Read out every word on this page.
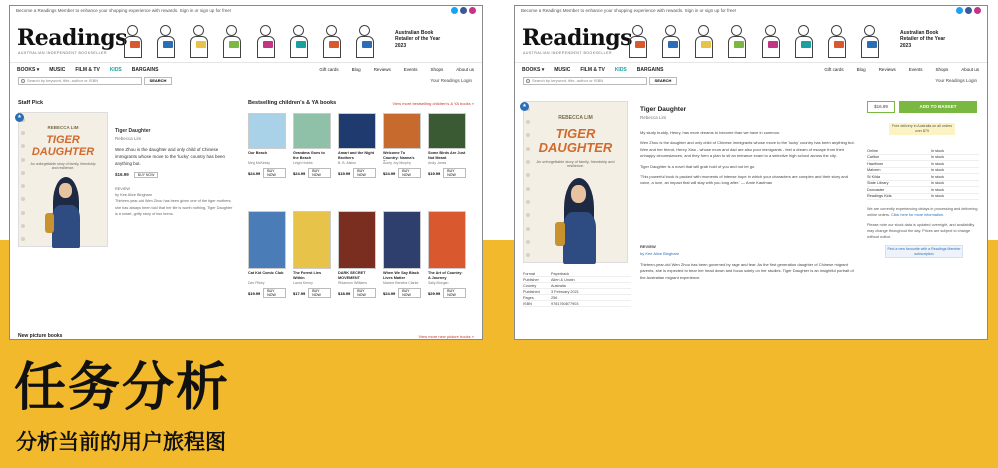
Become a Readings Member to enhance your shopping experience with rewards. Sign in or sign up for free!
Readings
AUSTRALIAN INDEPENDENT BOOKSELLER
Australian Book
Retailer of the Year
2023
BOOKS ▾ MUSIC FILM & TV KIDS BARGAINS	Gift cards	Blog	Reviews	Events	Shops	About us
Search by keyword, title, author or ISBN	SEARCH	Your Readings Login
Staff Pick
REBECCA LIM
TIGER
DAUGHTER
An unforgettable story of family, friendship and resilience.
★
Tiger Daughter
Rebecca Lim
Wen Zhou is the daughter and only child of Chinese immigrants whose move to the 'lucky' country has been anything but.
$16.99	BUY NOW
REVIEW
by Kee Alice Bingham
Thirteen-year-old Wen Zhou has been given one of the tiger mothers; she has always been told that her life is worth nothing, Tiger Daughter is a smart, gritty story of two teens.
Bestselling children's & YA books	View more bestselling children's & YA books »
Our Beach
Meg McKinlay
$24.99	BUY NOW
Grandma Goes to the Beach
Leigh Hobbs
$24.99	BUY NOW
Amari and the Night Brothers
B. B. Alston
$19.99	BUY NOW
Welcome To Country: Nanna's
Aunty Joy Murphy
$24.99	BUY NOW
Some Birds Are Just Not Meant
Andy Jones
$19.99	BUY NOW
Cat Kid Comic Club
Dav Pilkey
$19.99	BUY NOW
The Forest Lies Within
Laura Kenny
$17.99	BUY NOW
DARK SECRET MOVEMENT
Rhiannon Williams
$18.99	BUY NOW
When We Say Black Lives Matter
Maxine Beneba Clarke
$24.99	BUY NOW
The Art of Country: A Journey
Sally Morgan
$29.99	BUY NOW
New picture books	View more new picture books »
Become a Readings Member to enhance your shopping experience with rewards. Sign in or sign up for free!
Readings
AUSTRALIAN INDEPENDENT BOOKSELLER
Australian Book
Retailer of the Year
2023
BOOKS ▾ MUSIC FILM & TV KIDS BARGAINS	Gift cards	Blog	Reviews	Events	Shops	About us
Search by keyword, title, author or ISBN	SEARCH	Your Readings Login
REBECCA LIM
TIGER
DAUGHTER
An unforgettable story of family, friendship and resilience.
★
Format	Paperback
Publisher	Allen & Unwin
Country	Australia
Published	3 February 2021
Pages	256
ISBN	9781760877903
Tiger Daughter
Rebecca Lim

My study buddy, Henry, has more dreams to become than we have in common.

Wen Zhou is the daughter and only child of Chinese immigrants whose move to the 'lucky' country has been anything but. Wen and her friend, Henry Xiao - whose mum and dad are also poor immigrants - feel a dream of escape from their unhappy circumstances, and they form a plan to sit an entrance exam to a selective high school across the city.

Tiger Daughter is a novel that will grab hold of you and not let go.

'This powerful book is packed with moments of intense hope in which your characters are complex and their story and voice, a love, an impact that will stay with you long after.' — Amie Kaufman

REVIEW
by Kee Alice Bingham
Thirteen-year-old Wen Zhou has been governed by rage and fear. As the first generation daughter of Chinese migrant parents, she is expected to bear her head down and focus solely on her studies. Tiger Daughter is an insightful portrait of the Australian migrant experience.
$16.99	ADD TO BASKET
Free delivery in Australia on all orders over $79
Online	In stock
Carlton	In stock
Hawthorn	In stock
Malvern	In stock
St Kilda	In stock
State Library	In stock
Doncaster	In stock
Readings Kids	In stock

We are currently experiencing delays in processing and delivering online orders. Click here for more information.

Please note our stock data is updated overnight, and availability may change throughout the day. Prices are subject to change without notice.

Find a new favourite with a Readings Member subscription
任务分析
分析当前的用户旅程图
